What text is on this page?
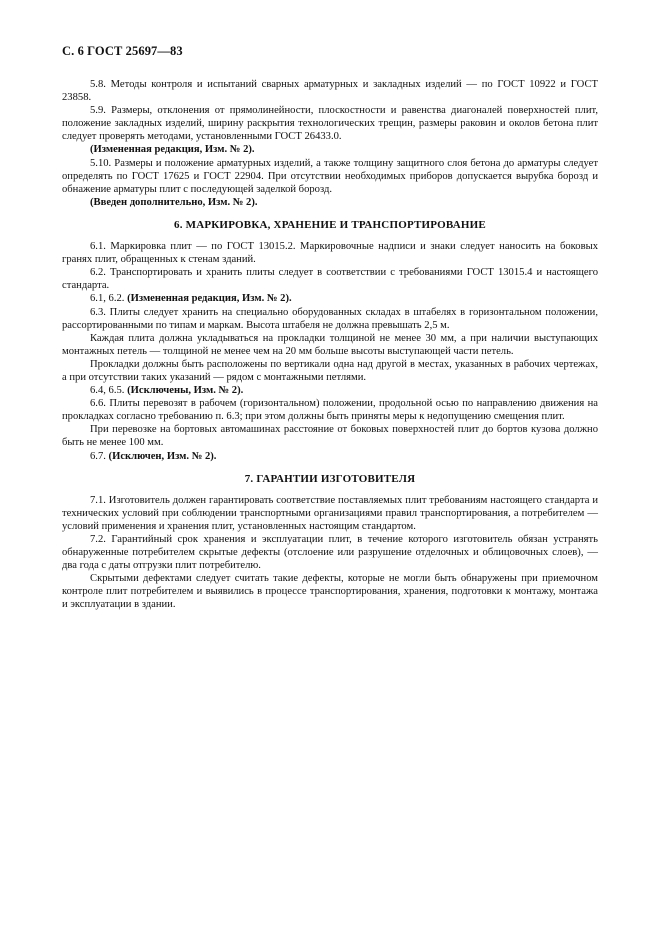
С. 6 ГОСТ 25697—83

5.8. Методы контроля и испытаний сварных арматурных и закладных изделий — по ГОСТ 10922 и ГОСТ 23858.

5.9. Размеры, отклонения от прямолинейности, плоскостности и равенства диагоналей поверхностей плит, положение закладных изделий, ширину раскрытия технологических трещин, размеры раковин и околов бетона плит следует проверять методами, установленными ГОСТ 26433.0.

(Измененная редакция, Изм. № 2).

5.10. Размеры и положение арматурных изделий, а также толщину защитного слоя бетона до арматуры следует определять по ГОСТ 17625 и ГОСТ 22904. При отсутствии необходимых приборов допускается вырубка борозд и обнажение арматуры плит с последующей заделкой борозд.

(Введен дополнительно, Изм. № 2).

6. МАРКИРОВКА, ХРАНЕНИЕ И ТРАНСПОРТИРОВАНИЕ

6.1. Маркировка плит — по ГОСТ 13015.2. Маркировочные надписи и знаки следует наносить на боковых гранях плит, обращенных к стенам зданий.

6.2. Транспортировать и хранить плиты следует в соответствии с требованиями ГОСТ 13015.4 и настоящего стандарта.

6.1, 6.2. (Измененная редакция, Изм. № 2).

6.3. Плиты следует хранить на специально оборудованных складах в штабелях в горизонтальном положении, рассортированными по типам и маркам. Высота штабеля не должна превышать 2,5 м.

Каждая плита должна укладываться на прокладки толщиной не менее 30 мм, а при наличии выступающих монтажных петель — толщиной не менее чем на 20 мм больше высоты выступающей части петель.

Прокладки должны быть расположены по вертикали одна над другой в местах, указанных в рабочих чертежах, а при отсутствии таких указаний — рядом с монтажными петлями.

6.4, 6.5. (Исключены, Изм. № 2).

6.6. Плиты перевозят в рабочем (горизонтальном) положении, продольной осью по направлению движения на прокладках согласно требованию п. 6.3; при этом должны быть приняты меры к недопущению смещения плит.

При перевозке на бортовых автомашинах расстояние от боковых поверхностей плит до бортов кузова должно быть не менее 100 мм.

6.7. (Исключен, Изм. № 2).

7. ГАРАНТИИ ИЗГОТОВИТЕЛЯ

7.1. Изготовитель должен гарантировать соответствие поставляемых плит требованиям настоящего стандарта и технических условий при соблюдении транспортными организациями правил транспортирования, а потребителем — условий применения и хранения плит, установленных настоящим стандартом.

7.2. Гарантийный срок хранения и эксплуатации плит, в течение которого изготовитель обязан устранять обнаруженные потребителем скрытые дефекты (отслоение или разрушение отделочных и облицовочных слоев), — два года с даты отгрузки плит потребителю.

Скрытыми дефектами следует считать такие дефекты, которые не могли быть обнаружены при приемочном контроле плит потребителем и выявились в процессе транспортирования, хранения, подготовки к монтажу, монтажа и эксплуатации в здании.
